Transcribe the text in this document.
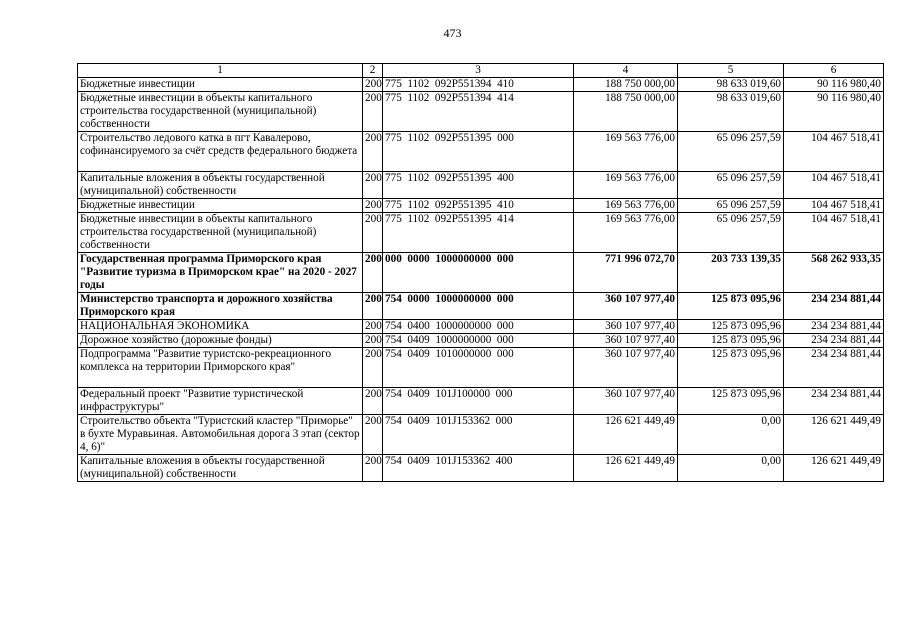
473
1	2	3	4	5	6
Бюджетные инвестиции	200	775  1102  092P551394  410	188 750 000,00	98 633 019,60	90 116 980,40
Бюджетные инвестиции в объекты капитального строительства государственной (муниципальной) собственности	200	775  1102  092P551394  414	188 750 000,00	98 633 019,60	90 116 980,40
Строительство ледового катка в пгт Кавалерово, софинансируемого за счёт средств федерального бюджета	200	775  1102  092P551395  000	169 563 776,00	65 096 257,59	104 467 518,41
Капитальные вложения в объекты государственной (муниципальной) собственности	200	775  1102  092P551395  400	169 563 776,00	65 096 257,59	104 467 518,41
Бюджетные инвестиции	200	775  1102  092P551395  410	169 563 776,00	65 096 257,59	104 467 518,41
Бюджетные инвестиции в объекты капитального строительства государственной (муниципальной) собственности	200	775  1102  092P551395  414	169 563 776,00	65 096 257,59	104 467 518,41
Государственная программа Приморского края "Развитие туризма в Приморском крае" на 2020 - 2027 годы	200	000  0000  1000000000  000	771 996 072,70	203 733 139,35	568 262 933,35
Министерство транспорта и дорожного хозяйства Приморского края	200	754  0000  1000000000  000	360 107 977,40	125 873 095,96	234 234 881,44
НАЦИОНАЛЬНАЯ ЭКОНОМИКА	200	754  0400  1000000000  000	360 107 977,40	125 873 095,96	234 234 881,44
Дорожное хозяйство (дорожные фонды)	200	754  0409  1000000000  000	360 107 977,40	125 873 095,96	234 234 881,44
Подпрограмма "Развитие туристско-рекреационного комплекса на территории Приморского края"	200	754  0409  1010000000  000	360 107 977,40	125 873 095,96	234 234 881,44
Федеральный проект "Развитие туристической инфраструктуры"	200	754  0409  101J100000  000	360 107 977,40	125 873 095,96	234 234 881,44
Строительство объекта "Туристский кластер "Приморье" в бухте Муравьиная. Автомобильная дорога 3 этап (сектор 4, 6)"	200	754  0409  101J153362  000	126 621 449,49	0,00	126 621 449,49
Капитальные вложения в объекты государственной (муниципальной) собственности	200	754  0409  101J153362  400	126 621 449,49	0,00	126 621 449,49
